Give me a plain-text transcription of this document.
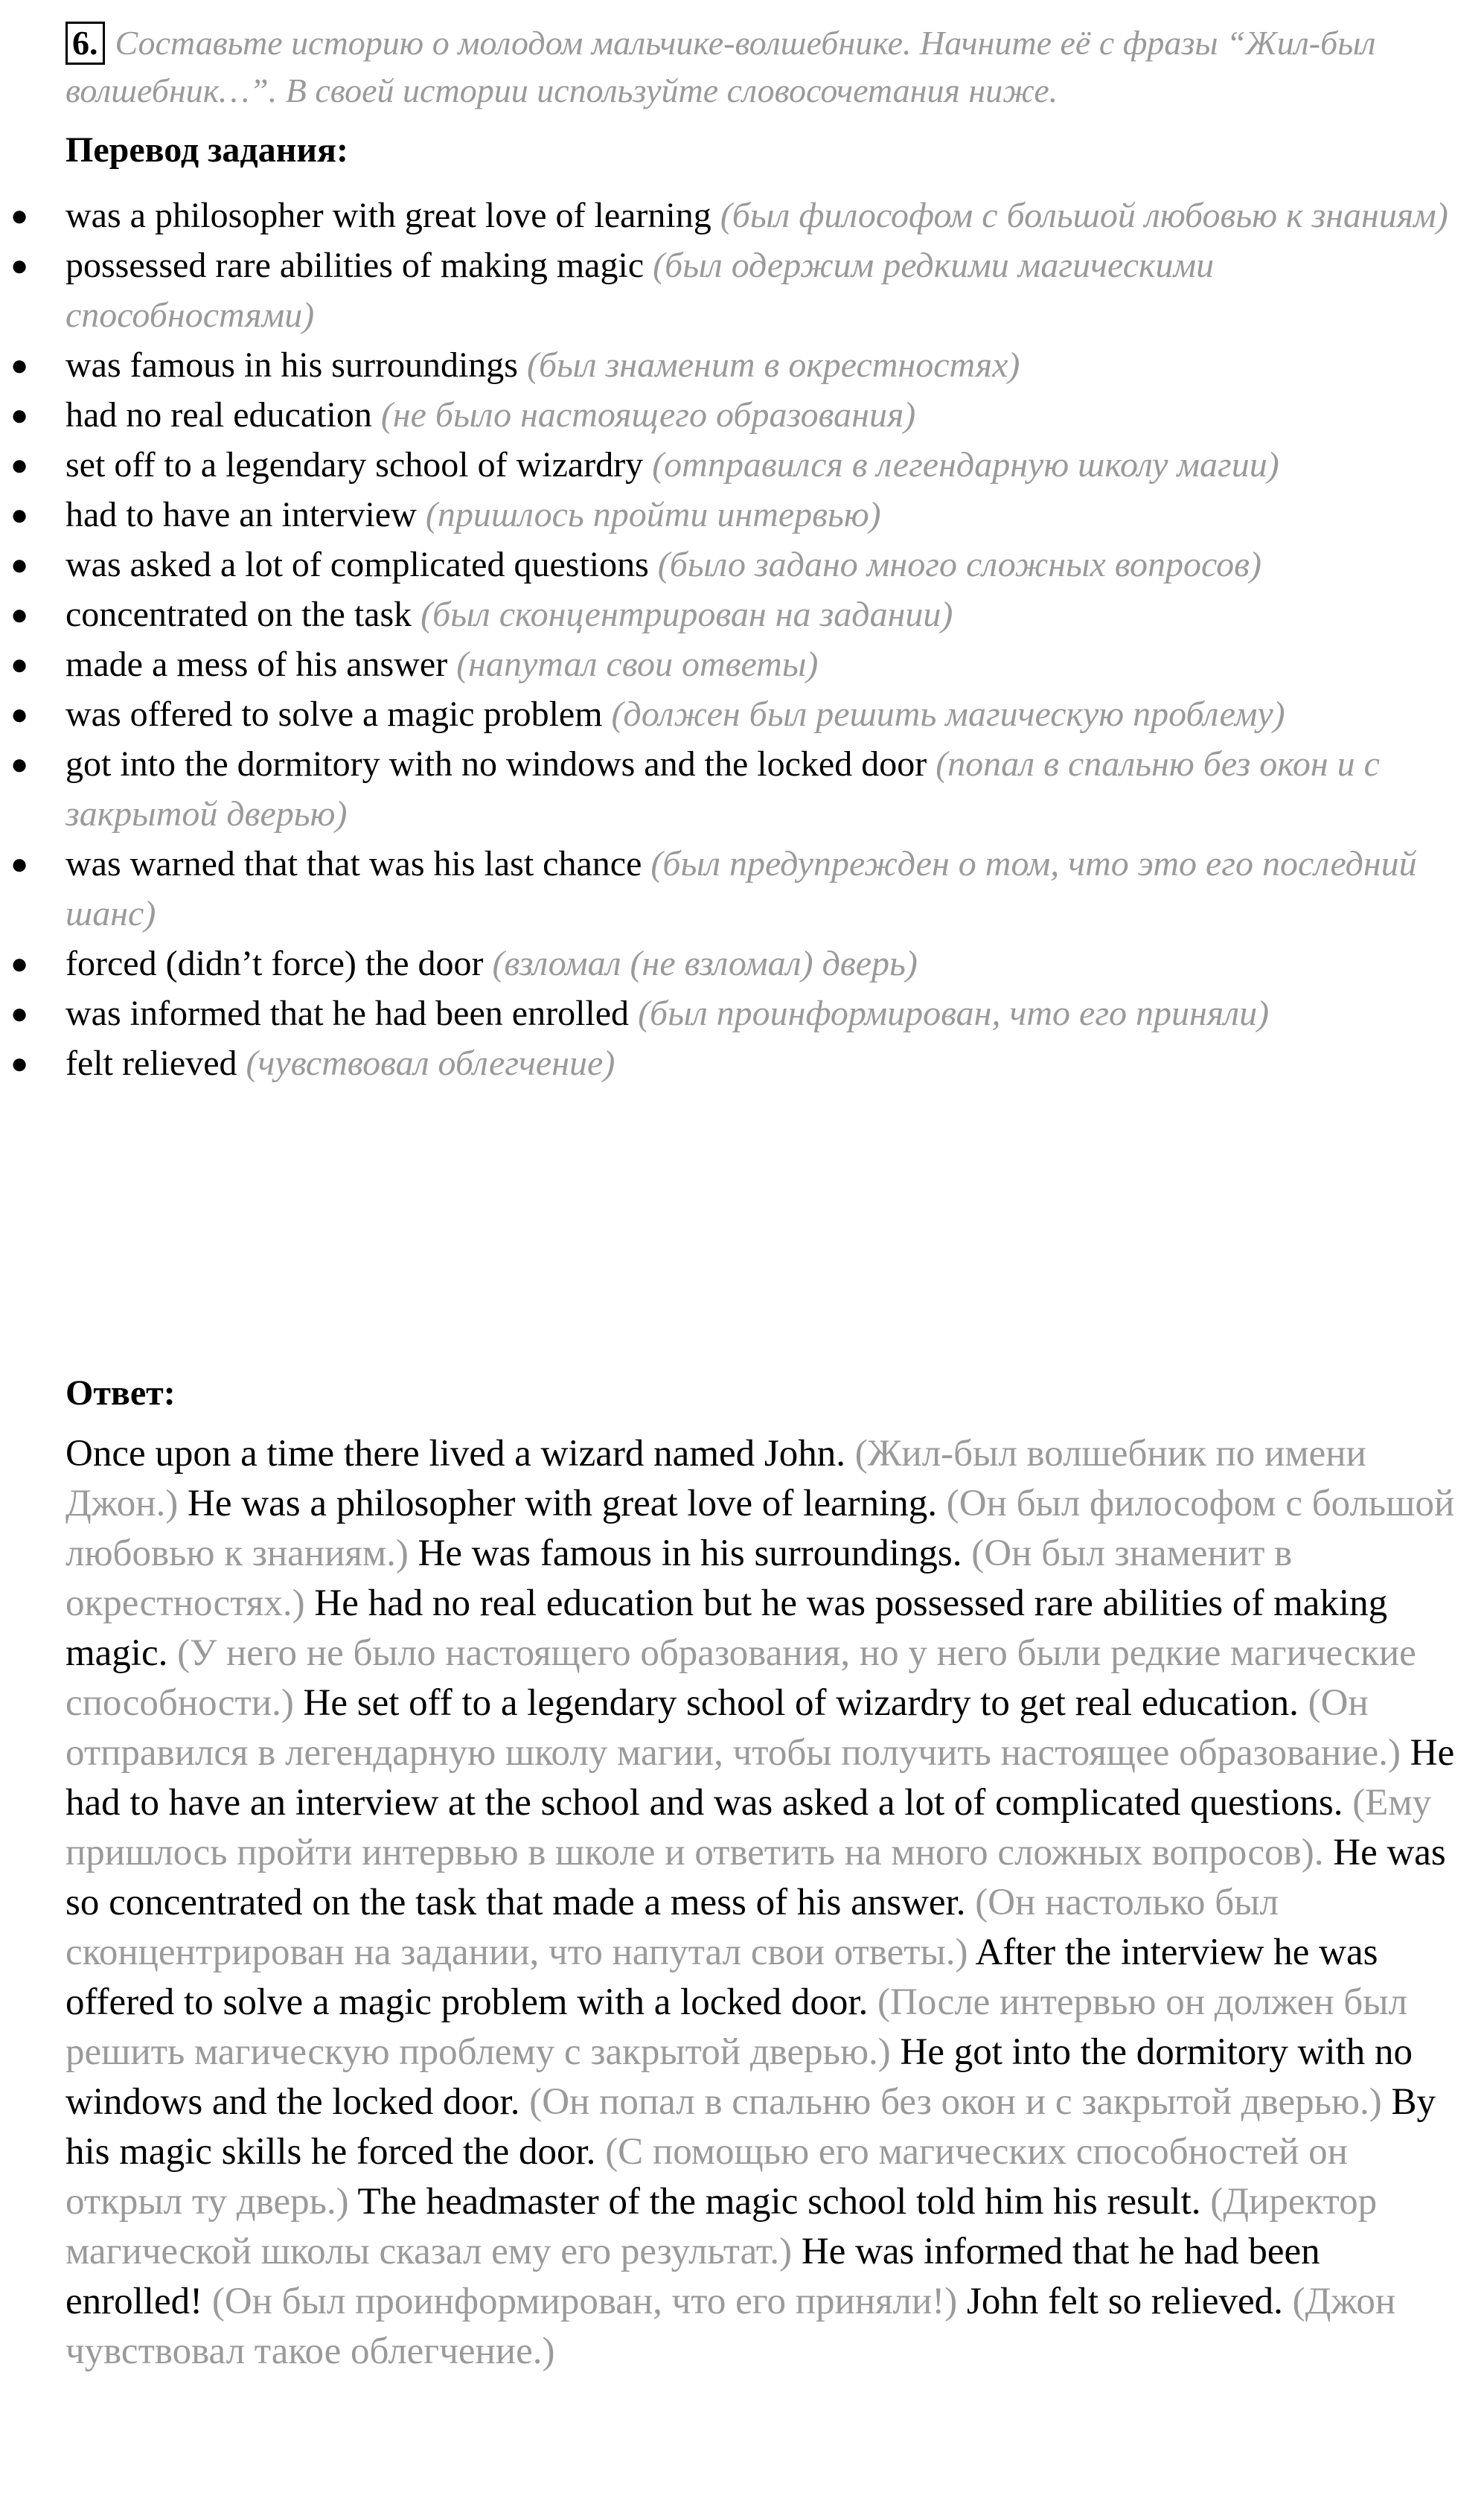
6. Составьте историю о молодом мальчике-волшебнике. Начните её с фразы “Жил-был волшебник…”. В своей истории используйте словосочетания ниже.
Перевод задания:
● was a philosopher with great love of learning (был философом с большой любовью к знаниям)
● possessed rare abilities of making magic (был одержим редкими магическими способностями)
● was famous in his surroundings (был знаменит в окрестностях)
● had no real education (не было настоящего образования)
● set off to a legendary school of wizardry (отправился в легендарную школу магии)
● had to have an interview (пришлось пройти интервью)
● was asked a lot of complicated questions (было задано много сложных вопросов)
● concentrated on the task (был сконцентрирован на задании)
● made a mess of his answer (напутал свои ответы)
● was offered to solve a magic problem (должен был решить магическую проблему)
● got into the dormitory with no windows and the locked door (попал в спальню без окон и с закрытой дверью)
● was warned that that was his last chance (был предупрежден о том, что это его последний шанс)
● forced (didn’t force) the door (взломал (не взломал) дверь)
● was informed that he had been enrolled (был проинформирован, что его приняли)
● felt relieved (чувствовал облегчение)
Ответ:

Once upon a time there lived a wizard named John. (Жил-был волшебник по имени Джон.) He was a philosopher with great love of learning. (Он был философом с большой любовью к знаниям.) He was famous in his surroundings. (Он был знаменит в окрестностях.) He had no real education but he was possessed rare abilities of making magic. (У него не было настоящего образования, но у него были редкие магические способности.) He set off to a legendary school of wizardry to get real education. (Он отправился в легендарную школу магии, чтобы получить настоящее образование.) He had to have an interview at the school and was asked a lot of complicated questions. (Ему пришлось пройти интервью в школе и ответить на много сложных вопросов). He was so concentrated on the task that made a mess of his answer. (Он настолько был сконцентрирован на задании, что напутал свои ответы.) After the interview he was offered to solve a magic problem with a locked door. (После интервью он должен был решить магическую проблему с закрытой дверью.) He got into the dormitory with no windows and the locked door. (Он попал в спальню без окон и с закрытой дверью.) By his magic skills he forced the door. (С помощью его магических способностей он открыл ту дверь.) The headmaster of the magic school told him his result. (Директор магической школы сказал ему его результат.) He was informed that he had been enrolled! (Он был проинформирован, что его приняли!) John felt so relieved. (Джон чувствовал такое облегчение.)
